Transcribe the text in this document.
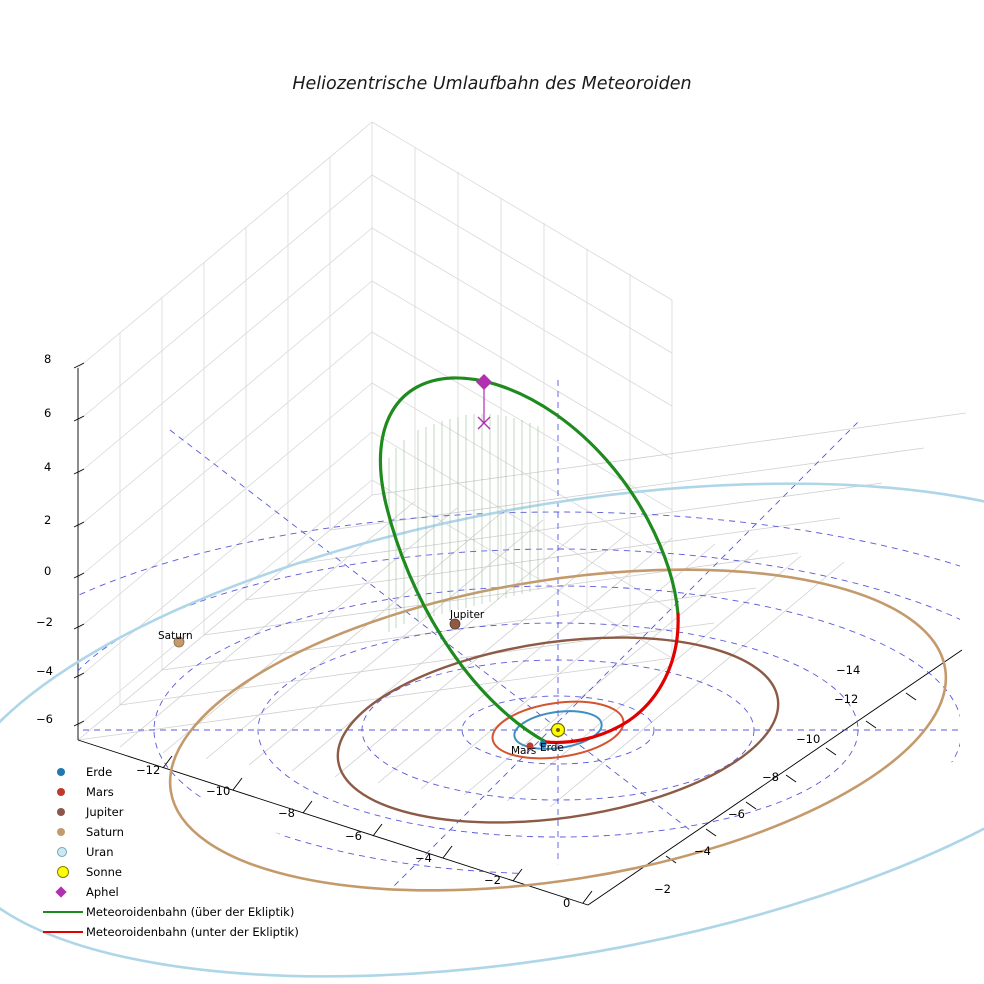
Heliozentrische Umlaufbahn des Meteoroiden
8
6
4
2
0
−2
−4
−6
−12
−10
−8
−6
−4
−2
0
−14
−12
−10
−8
−6
−4
−2
Saturn
Jupiter
Erde
Mars
Erde
Mars
Jupiter
Saturn
Uran
Sonne
Aphel
Meteoroidenbahn (über der Ekliptik)
Meteoroidenbahn (unter der Ekliptik)
